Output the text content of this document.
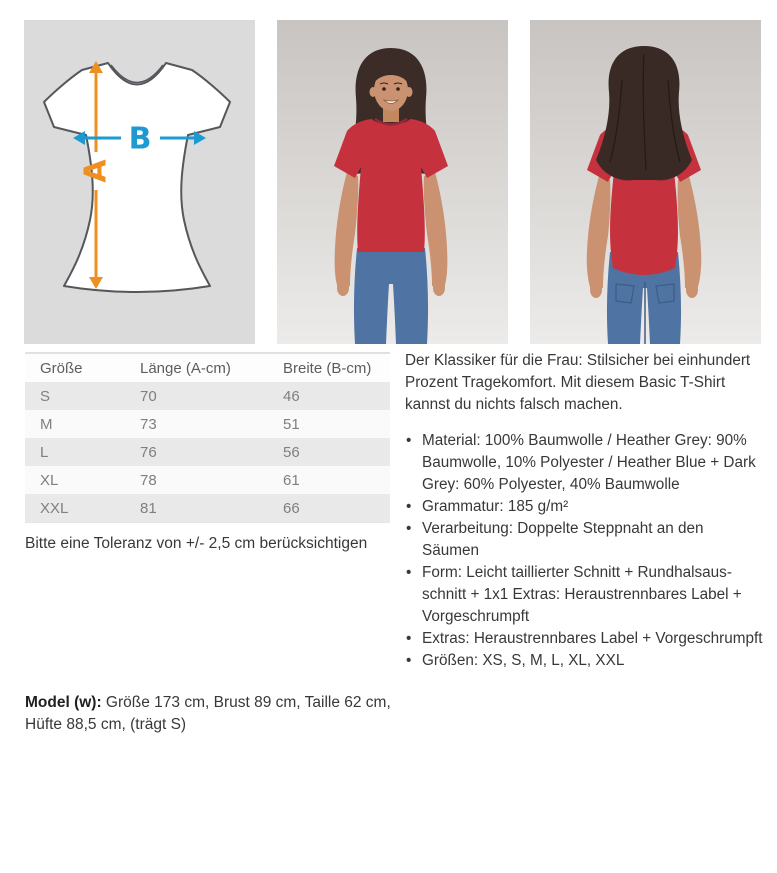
A
B
Größe	Länge (A-cm)	Breite (B-cm)
S	70	46
M	73	51
L	76	56
XL	78	61
XXL	81	66

Bitte eine Toleranz von +/- 2,5 cm berücksichtigen

Model (w): Größe 173 cm, Brust 89 cm, Taille 62 cm, Hüfte 88,5 cm, (trägt S)

Der Klassiker für die Frau: Stilsicher bei einhundert Prozent Tragekomfort. Mit diesem Basic T-Shirt kannst du nichts falsch machen.

• Material: 100% Baumwolle / Heather Grey: 90% Baumwolle, 10% Polyester / Heather Blue + Dark Grey: 60% Polyester, 40% Baumwolle
• Grammatur: 185 g/m²
• Verarbeitung: Doppelte Steppnaht an den Säumen
• Form: Leicht taillierter Schnitt + Rundhalsausschnitt + 1x1 Extras: Heraustrennbares Label + Vorgeschrumpft
• Extras: Heraustrennbares Label + Vorgeschrumpft
• Größen: XS, S, M, L, XL, XXL
